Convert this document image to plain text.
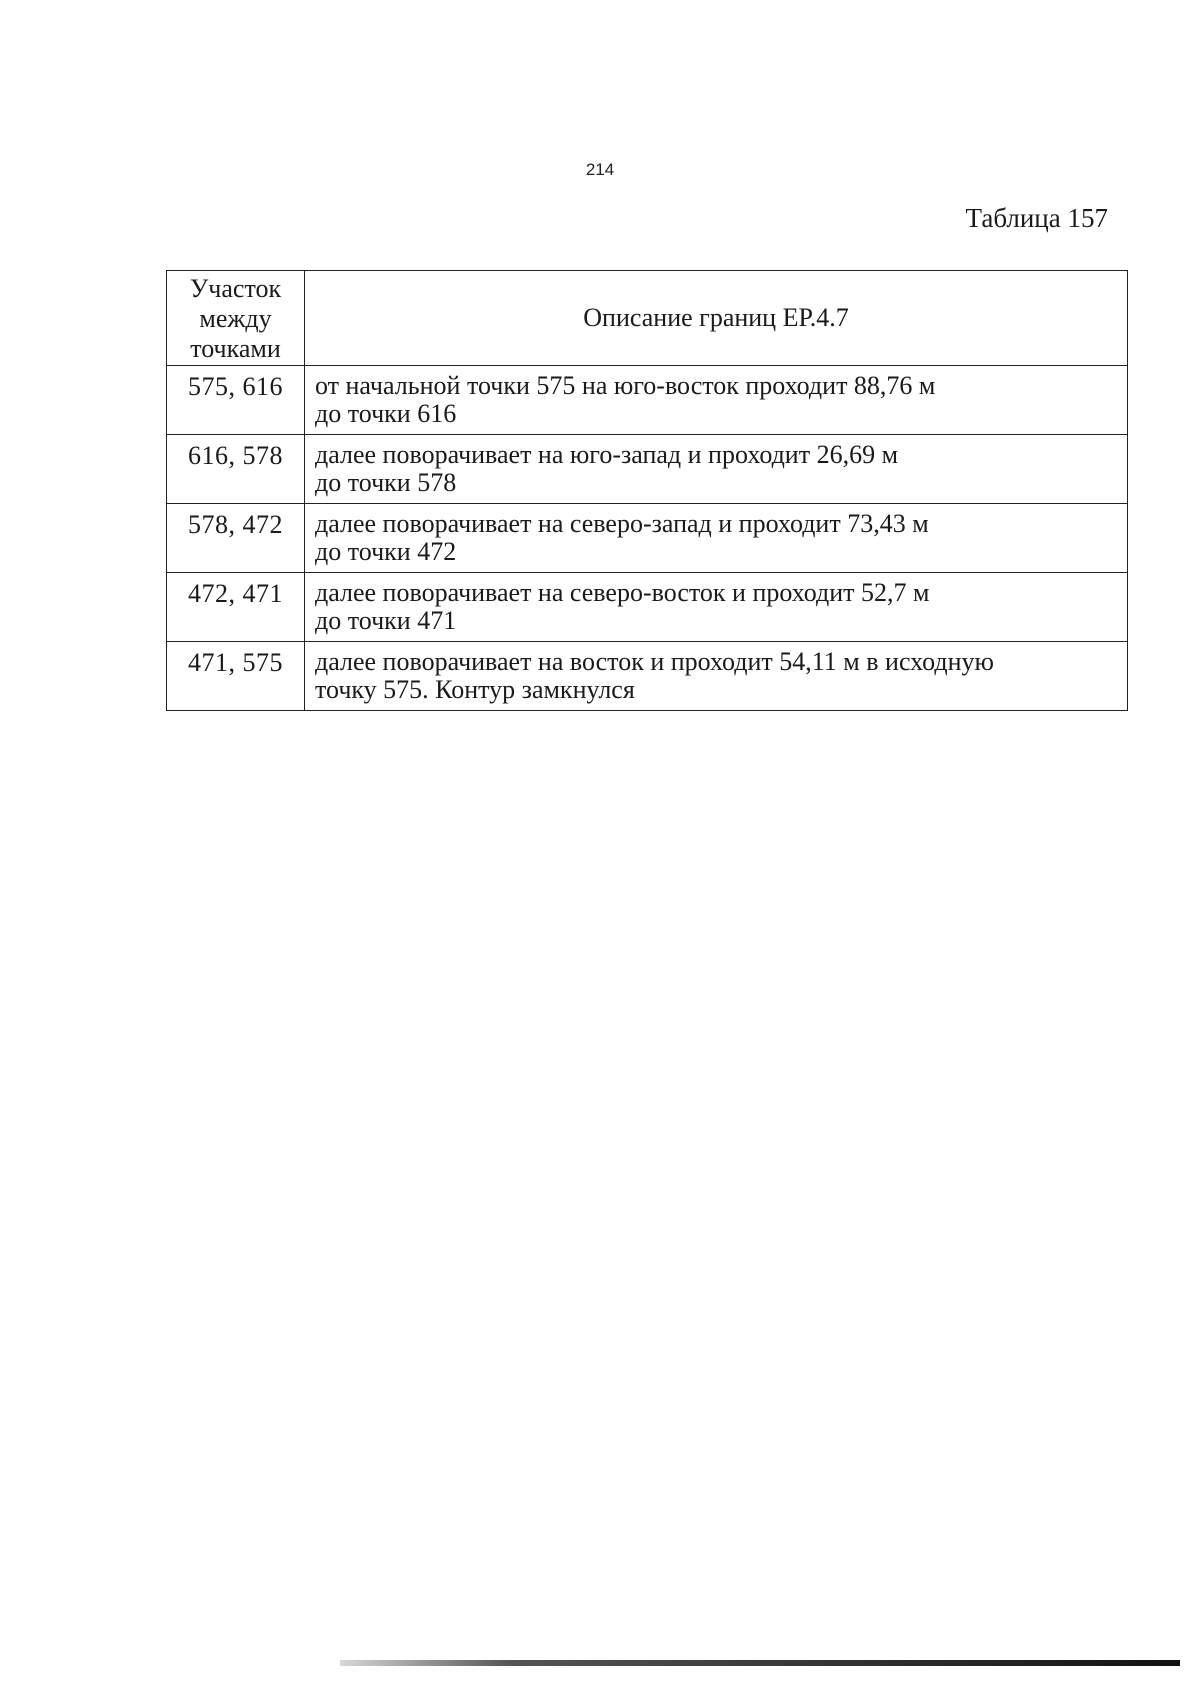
214
Таблица 157
Участок
между
точками	Описание границ ЕР.4.7
575, 616	от начальной точки 575 на юго-восток проходит 88,76 м
до точки 616

616, 578	далее поворачивает на юго-запад и проходит 26,69 м
до точки 578

578, 472	далее поворачивает на северо-запад и проходит 73,43 м
до точки 472

472, 471	далее поворачивает на северо-восток и проходит 52,7 м
до точки 471

471, 575	далее поворачивает на восток и проходит 54,11 м в исходную
точку 575. Контур замкнулся
